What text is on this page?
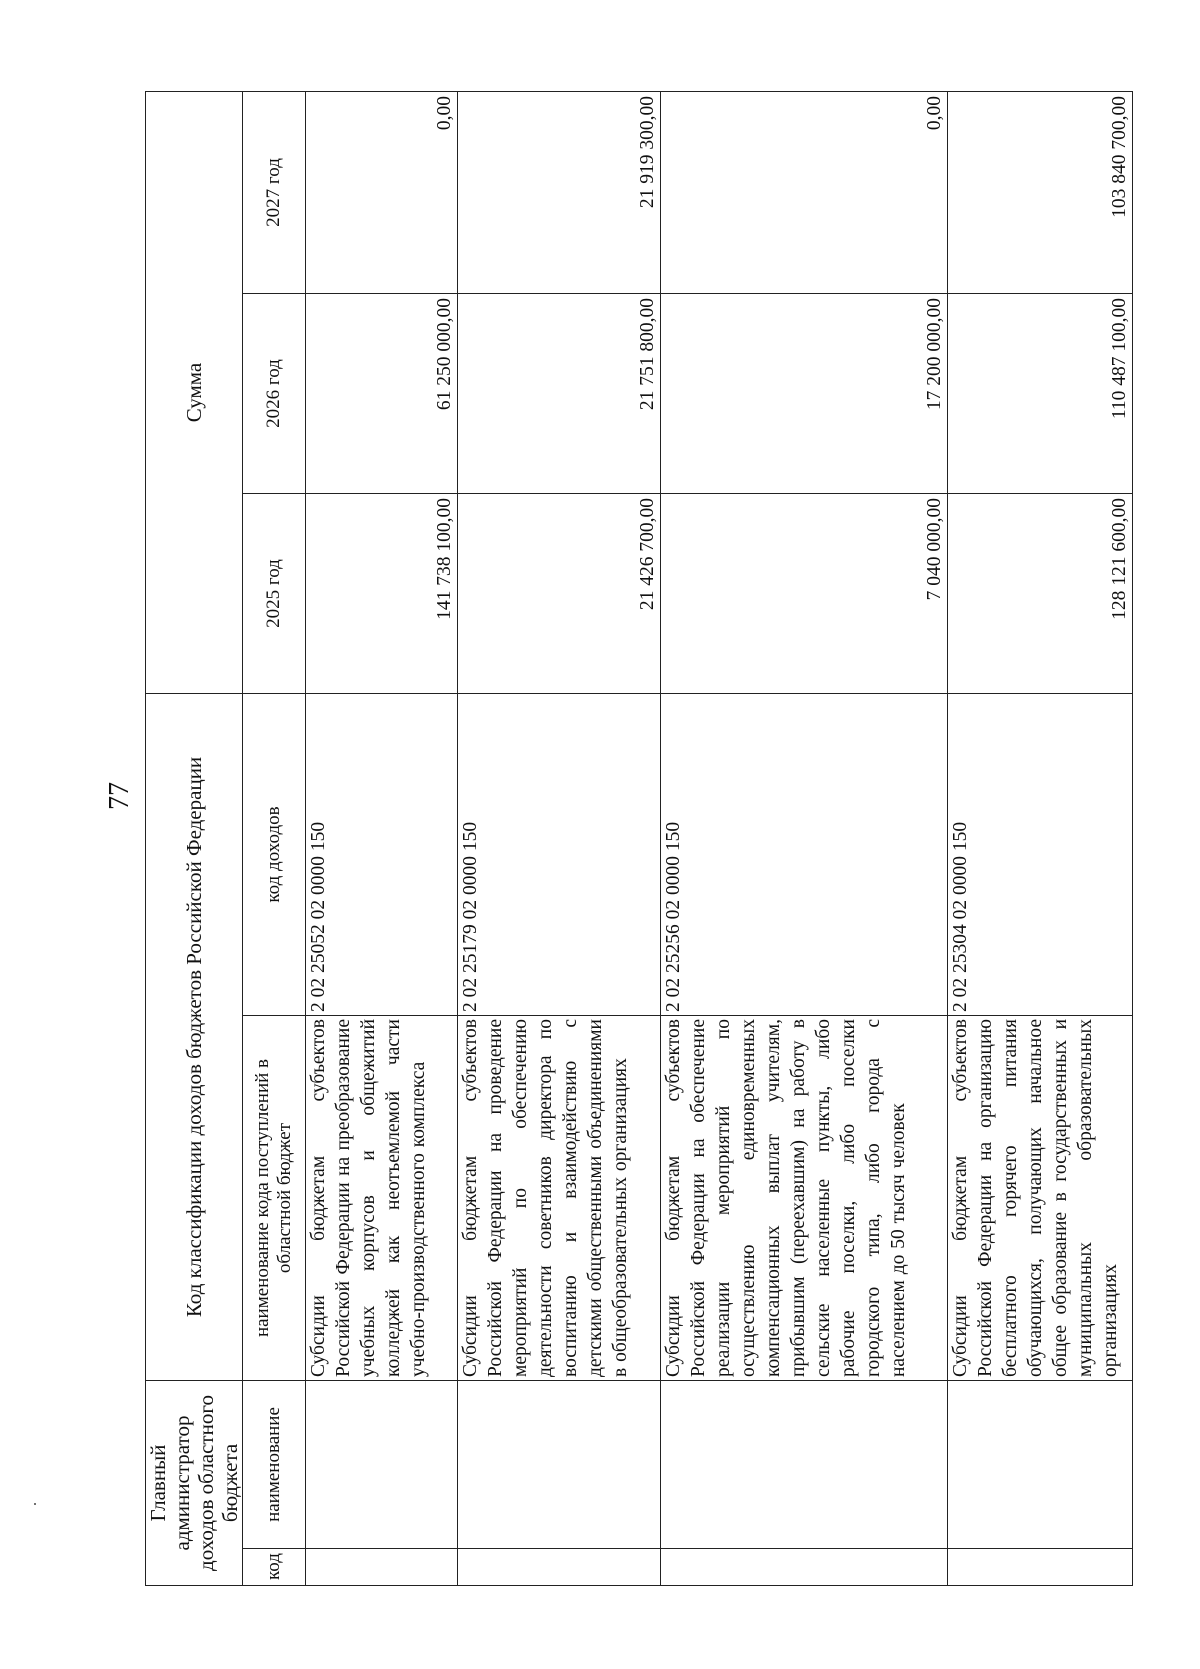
77
Главный администратор доходов областного бюджета		Код классификации доходов бюджетов Российской Федерации		Сумма		
код	наименование	наименование кода поступлений в областной бюджет	код доходов	2025 год	2026 год	2027 год
		Субсидии бюджетам субъектов Российской Федерации на преобразование учебных корпусов и общежитий колледжей как неотъемлемой части учебно-производственного комплекса	2 02 25052 02 0000 150	141 738 100,00	61 250 000,00	0,00
		Субсидии бюджетам субъектов Российской Федерации на проведение мероприятий по обеспечению деятельности советников директора по воспитанию и взаимодействию с детскими общественными объединениями в общеобразовательных организациях	2 02 25179 02 0000 150	21 426 700,00	21 751 800,00	21 919 300,00
		Субсидии бюджетам субъектов Российской Федерации на обеспечение реализации мероприятий по осуществлению единовременных компенсационных выплат учителям, прибывшим (переехавшим) на работу в сельские населенные пункты, либо рабочие поселки, либо поселки городского типа, либо города с населением до 50 тысяч человек	2 02 25256 02 0000 150	7 040 000,00	17 200 000,00	0,00
		Субсидии бюджетам субъектов Российской Федерации на организацию бесплатного горячего питания обучающихся, получающих начальное общее образование в государственных и муниципальных образовательных организациях	2 02 25304 02 0000 150	128 121 600,00	110 487 100,00	103 840 700,00
